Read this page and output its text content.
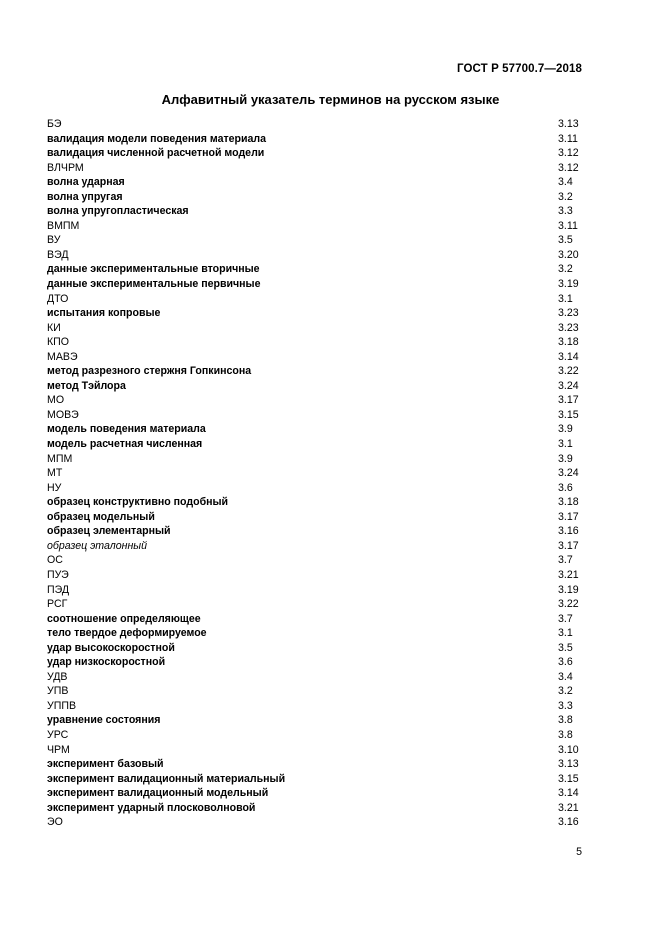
ГОСТ Р 57700.7—2018
Алфавитный указатель терминов на русском языке
БЭ	3.13
валидация модели поведения материала	3.11
валидация численной расчетной модели	3.12
ВЛЧРМ	3.12
волна ударная	3.4
волна упругая	3.2
волна упругопластическая	3.3
ВМПМ	3.11
ВУ	3.5
ВЭД	3.20
данные экспериментальные вторичные	3.2
данные экспериментальные первичные	3.19
ДТО	3.1
испытания копровые	3.23
КИ	3.23
КПО	3.18
МАВЭ	3.14
метод разрезного стержня Гопкинсона	3.22
метод Тэйлора	3.24
МО	3.17
МОВЭ	3.15
модель поведения материала	3.9
модель расчетная численная	3.1
МПМ	3.9
МТ	3.24
НУ	3.6
образец конструктивно подобный	3.18
образец модельный	3.17
образец элементарный	3.16
образец эталонный	3.17
ОС	3.7
ПУЭ	3.21
ПЭД	3.19
РСГ	3.22
соотношение определяющее	3.7
тело твердое деформируемое	3.1
удар высокоскоростной	3.5
удар низкоскоростной	3.6
УДВ	3.4
УПВ	3.2
УППВ	3.3
уравнение состояния	3.8
УРС	3.8
ЧРМ	3.10
эксперимент базовый	3.13
эксперимент валидационный материальный	3.15
эксперимент валидационный модельный	3.14
эксперимент ударный плосковолновой	3.21
ЭО	3.16
5
